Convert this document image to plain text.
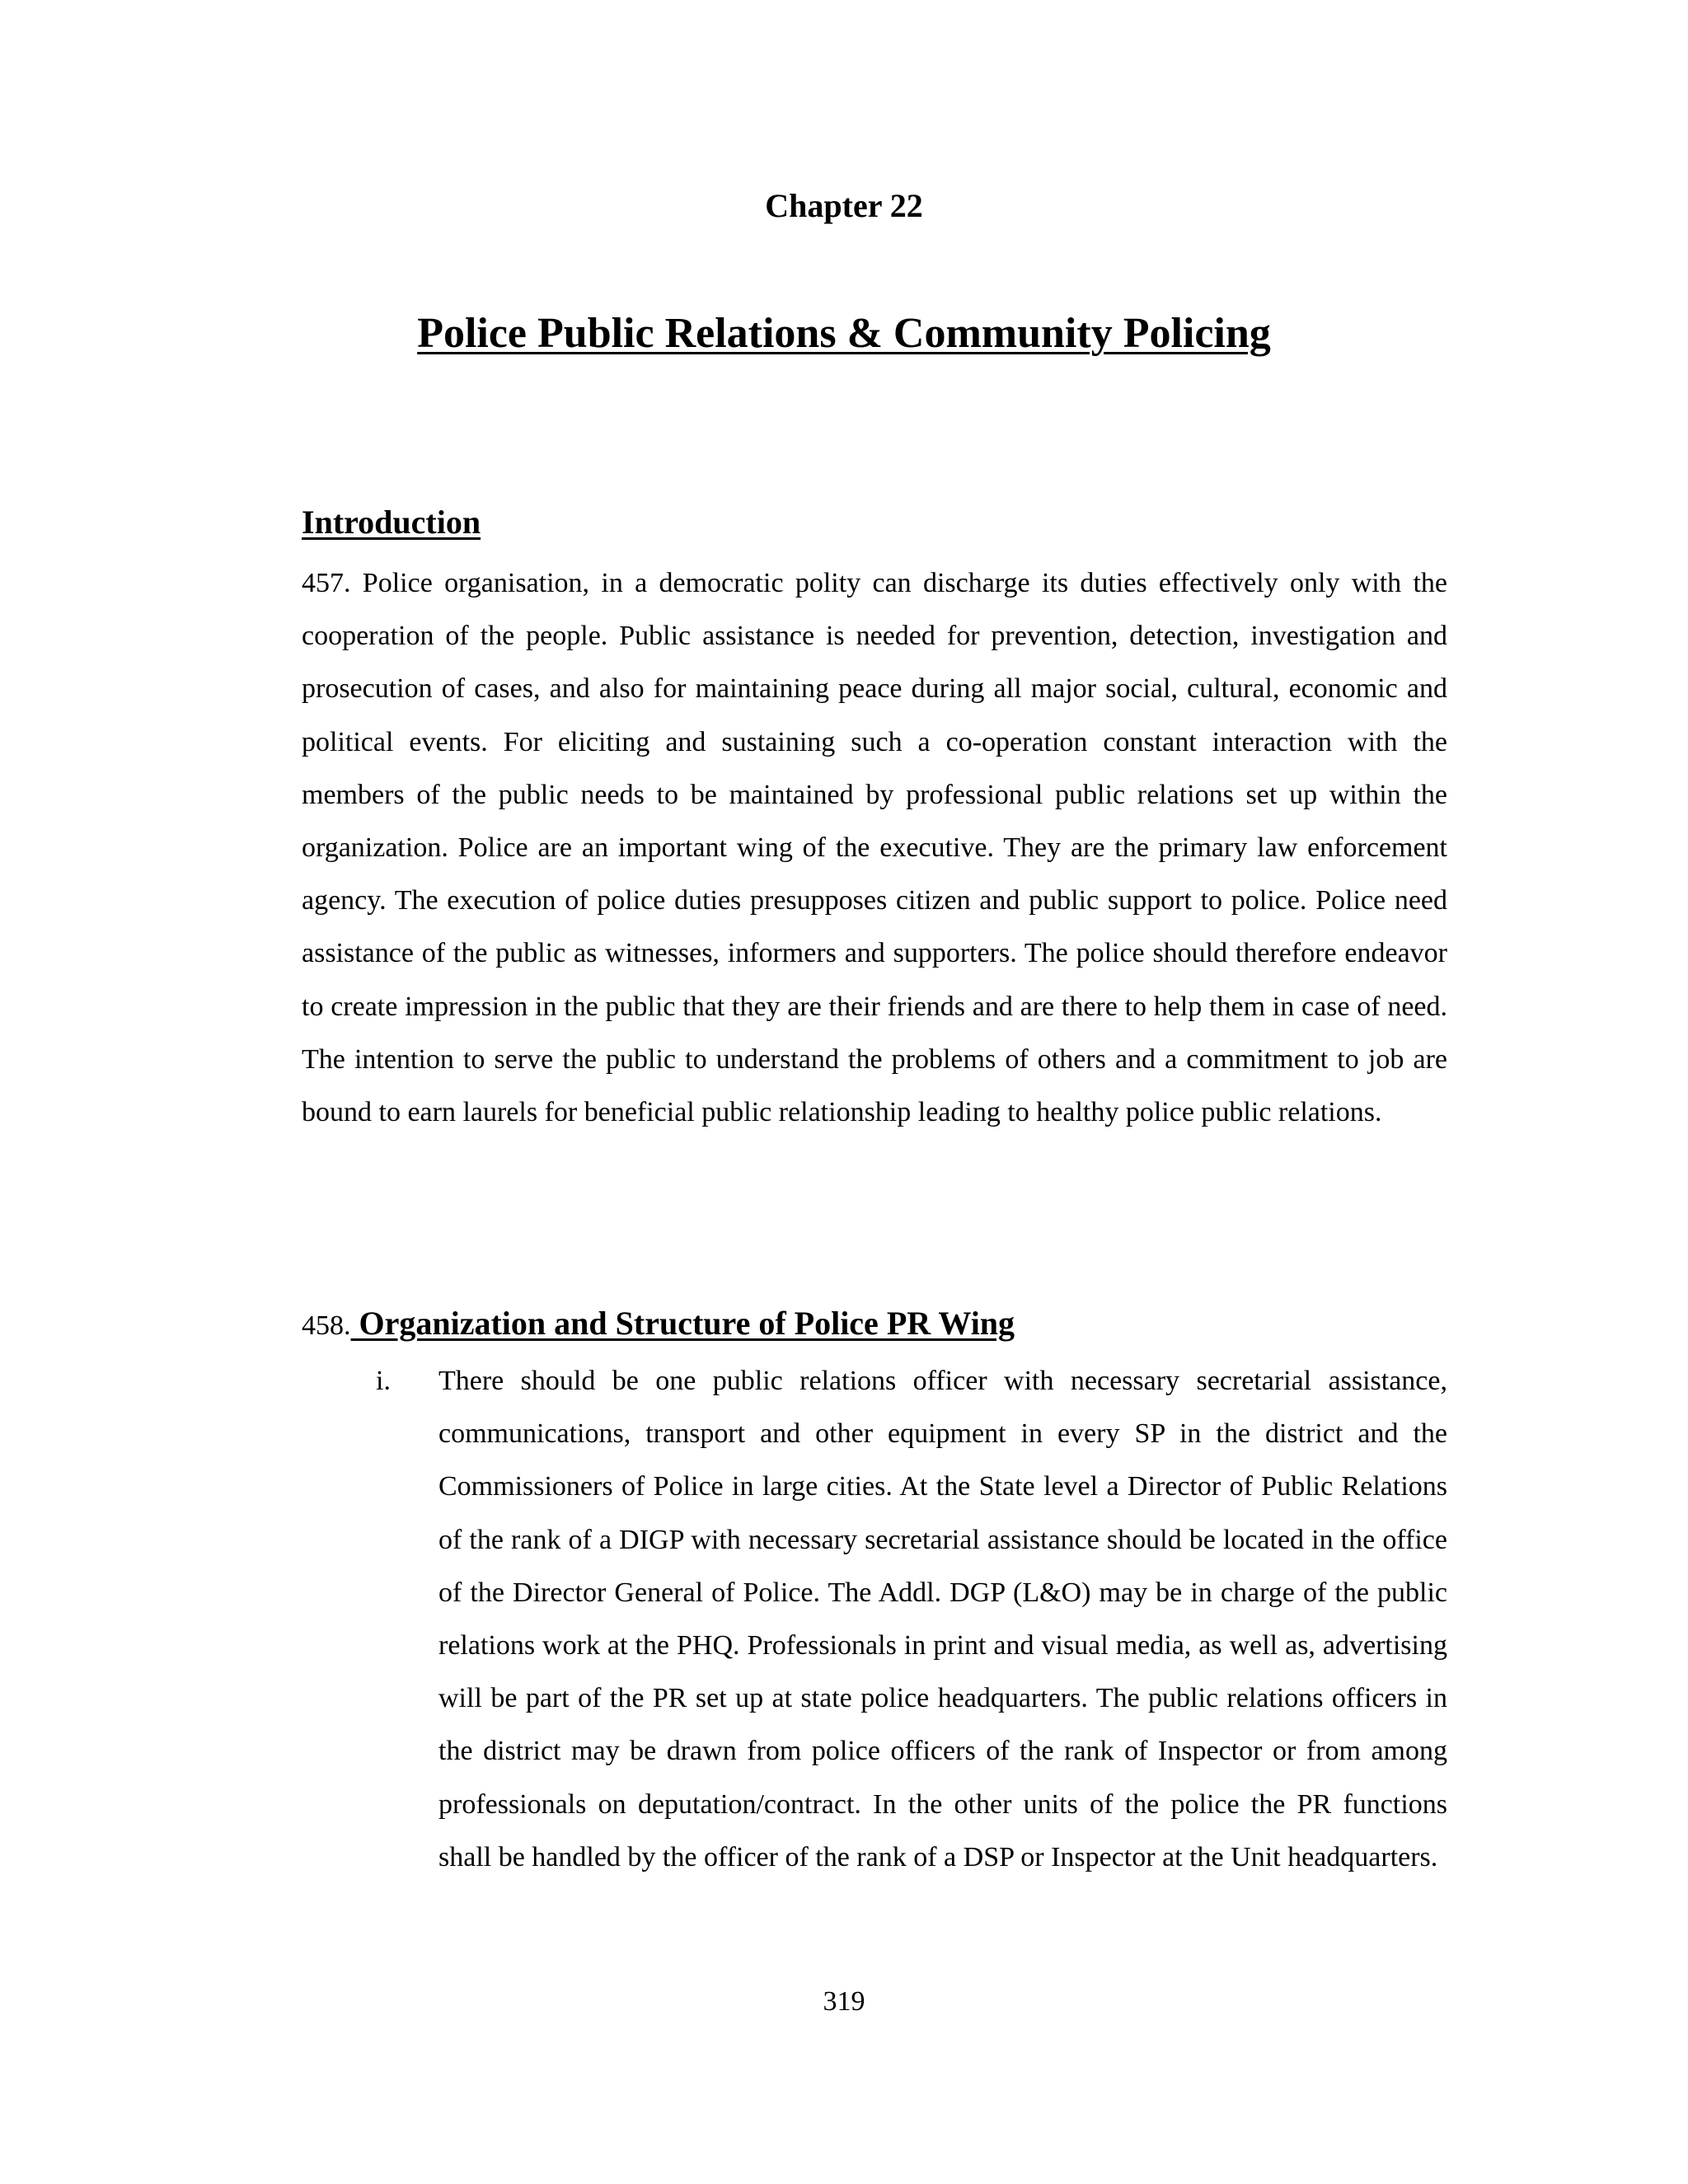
Chapter 22
Police Public Relations & Community Policing
Introduction

457. Police organisation, in a democratic polity can discharge its duties effectively only with the cooperation of the people. Public assistance is needed for prevention, detection, investigation and prosecution of cases, and also for maintaining peace during all major social, cultural, economic and political events. For eliciting and sustaining such a co-operation constant interaction with the members of the public needs to be maintained by professional public relations set up within the organization. Police are an important wing of the executive. They are the primary law enforcement agency. The execution of police duties presupposes citizen and public support to police. Police need assistance of the public as witnesses, informers and supporters. The police should therefore endeavor to create impression in the public that they are their friends and are there to help them in case of need. The intention to serve the public to understand the problems of others and a commitment to job are bound to earn laurels for beneficial public relationship leading to healthy police public relations.

458. Organization and Structure of Police PR Wing
i. There should be one public relations officer with necessary secretarial assistance, communications, transport and other equipment in every SP in the district and the Commissioners of Police in large cities. At the State level a Director of Public Relations of the rank of a DIGP with necessary secretarial assistance should be located in the office of the Director General of Police. The Addl. DGP (L&O) may be in charge of the public relations work at the PHQ. Professionals in print and visual media, as well as, advertising will be part of the PR set up at state police headquarters. The public relations officers in the district may be drawn from police officers of the rank of Inspector or from among professionals on deputation/contract. In the other units of the police the PR functions shall be handled by the officer of the rank of a DSP or Inspector at the Unit headquarters.

319
